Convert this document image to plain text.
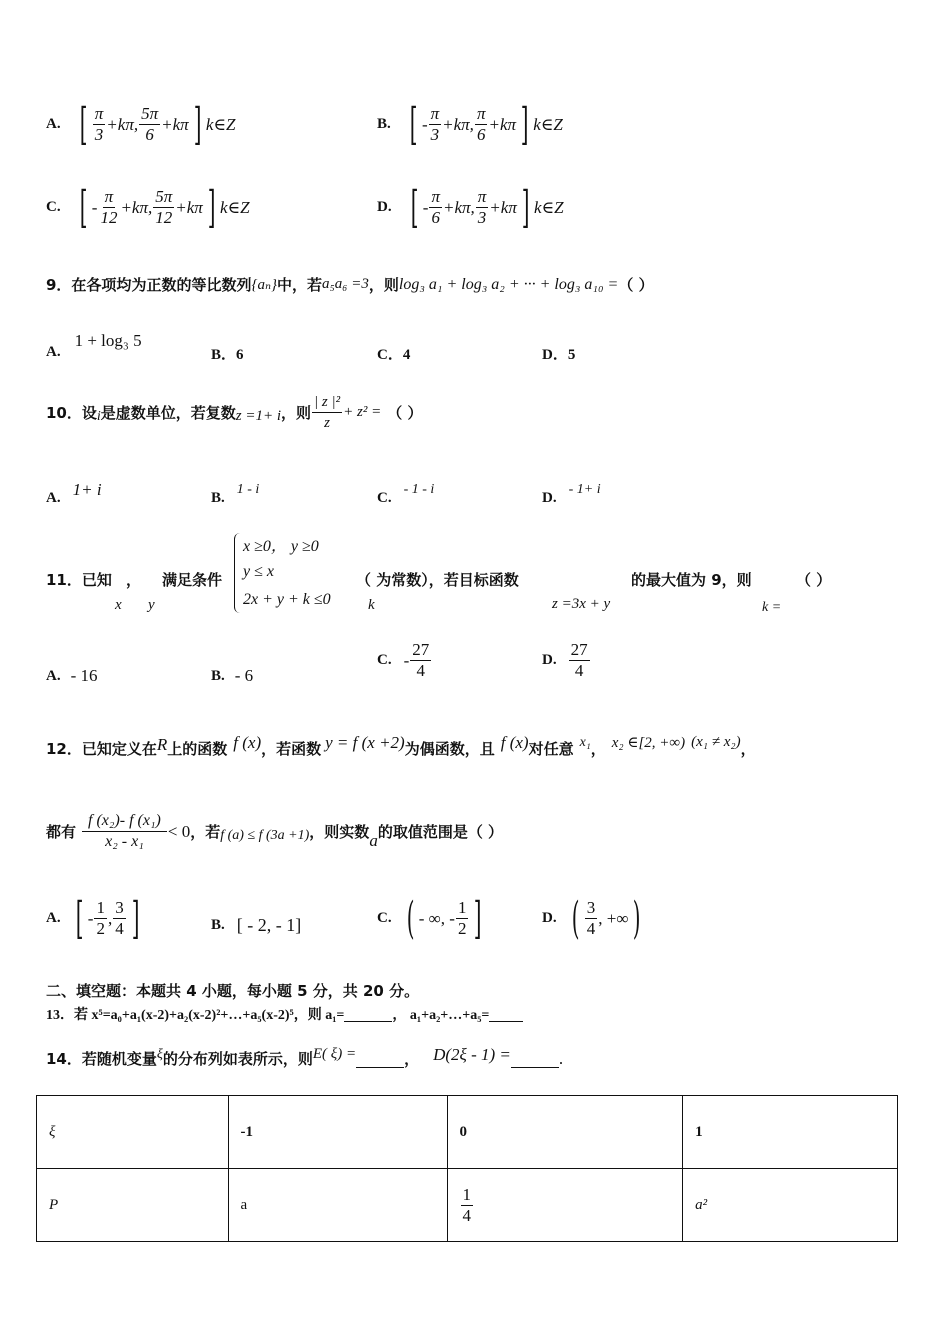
A. [ $\frac{\pi}{3} +k\pi$, $\frac{5\pi}{6} +k\pi$ ] k∈Z	B. [ - $\frac{\pi}{3} +k\pi$, $\frac{\pi}{6} +k\pi$ ] k∈Z
C. [ - $\frac{\pi}{12} +k\pi$, $\frac{5\pi}{12} +k\pi$ ] k∈Z	D. [ - $\frac{\pi}{6} +k\pi$, $\frac{\pi}{3} +k\pi$ ] k∈Z
9．在各项均为正数的等比数列 {aₙ} 中，若 a₅a₆ =3 ，则 log₃ a₁ + log₃ a₂ + ··· + log₃ a₁₀ = （ ）
A.
1 + log₃ 5
B．6	C．4	D．5
10．设 i 是虚数单位，若复数 z =1+ i ，则 $\frac{\text{| z |²}}{z} + z^2$ = （ ）
A. 1+ i	B.
1 - i
C.
- 1 - i
D.
- 1+ i
11．已知 ， 满足条件
x y
x ≥0， y ≥0
y ≤ x
2x + y + k ≤0
（ 为常数），若目标函数
k	z =3x + y
的最大值为 9，则
k =
（ ）
A. - 16	B. - 6
C. - $\frac{27}{4}$	D. $\frac{27}{4}$
12．已知定义在 R 上的函数 f (x) ，若函数 y = f (x +2) 为偶函数，且 f (x) 对任意 x₁ ， x₂ ∈[2, +∞) (x₁ ≠ x₂) ，
都有 $\frac{\text{f (x₂)- f (x₁)}}{\text{x₂ - x₁}} < 0$ ，若 f (a) ≤ f (3a +1) ，则实数 a 的取值范围是（ ）
A. [ - $\frac{1}{2}$ , $\frac{3}{4}$ ]	B. [ - 2, - 1]	C. ( - ∞, - $\frac{1}{2}$ ]	D. ( $\frac{3}{4}$ , +∞ )
二、填空题：本题共 4 小题，每小题 5 分，共 20 分。
13．若 x⁵=a₀+a₁(x-2)+a₂(x-2)²+…+a₅(x-2)⁵，则 a₁=	， a₁+a₂+…+a₅=
14．若随机变量 ξ 的分布列如表所示，则 E( ξ) =	， D(2ξ - 1) =	.
ξ	-1	0	1
P	a	$\frac{1}{4}$	a²
